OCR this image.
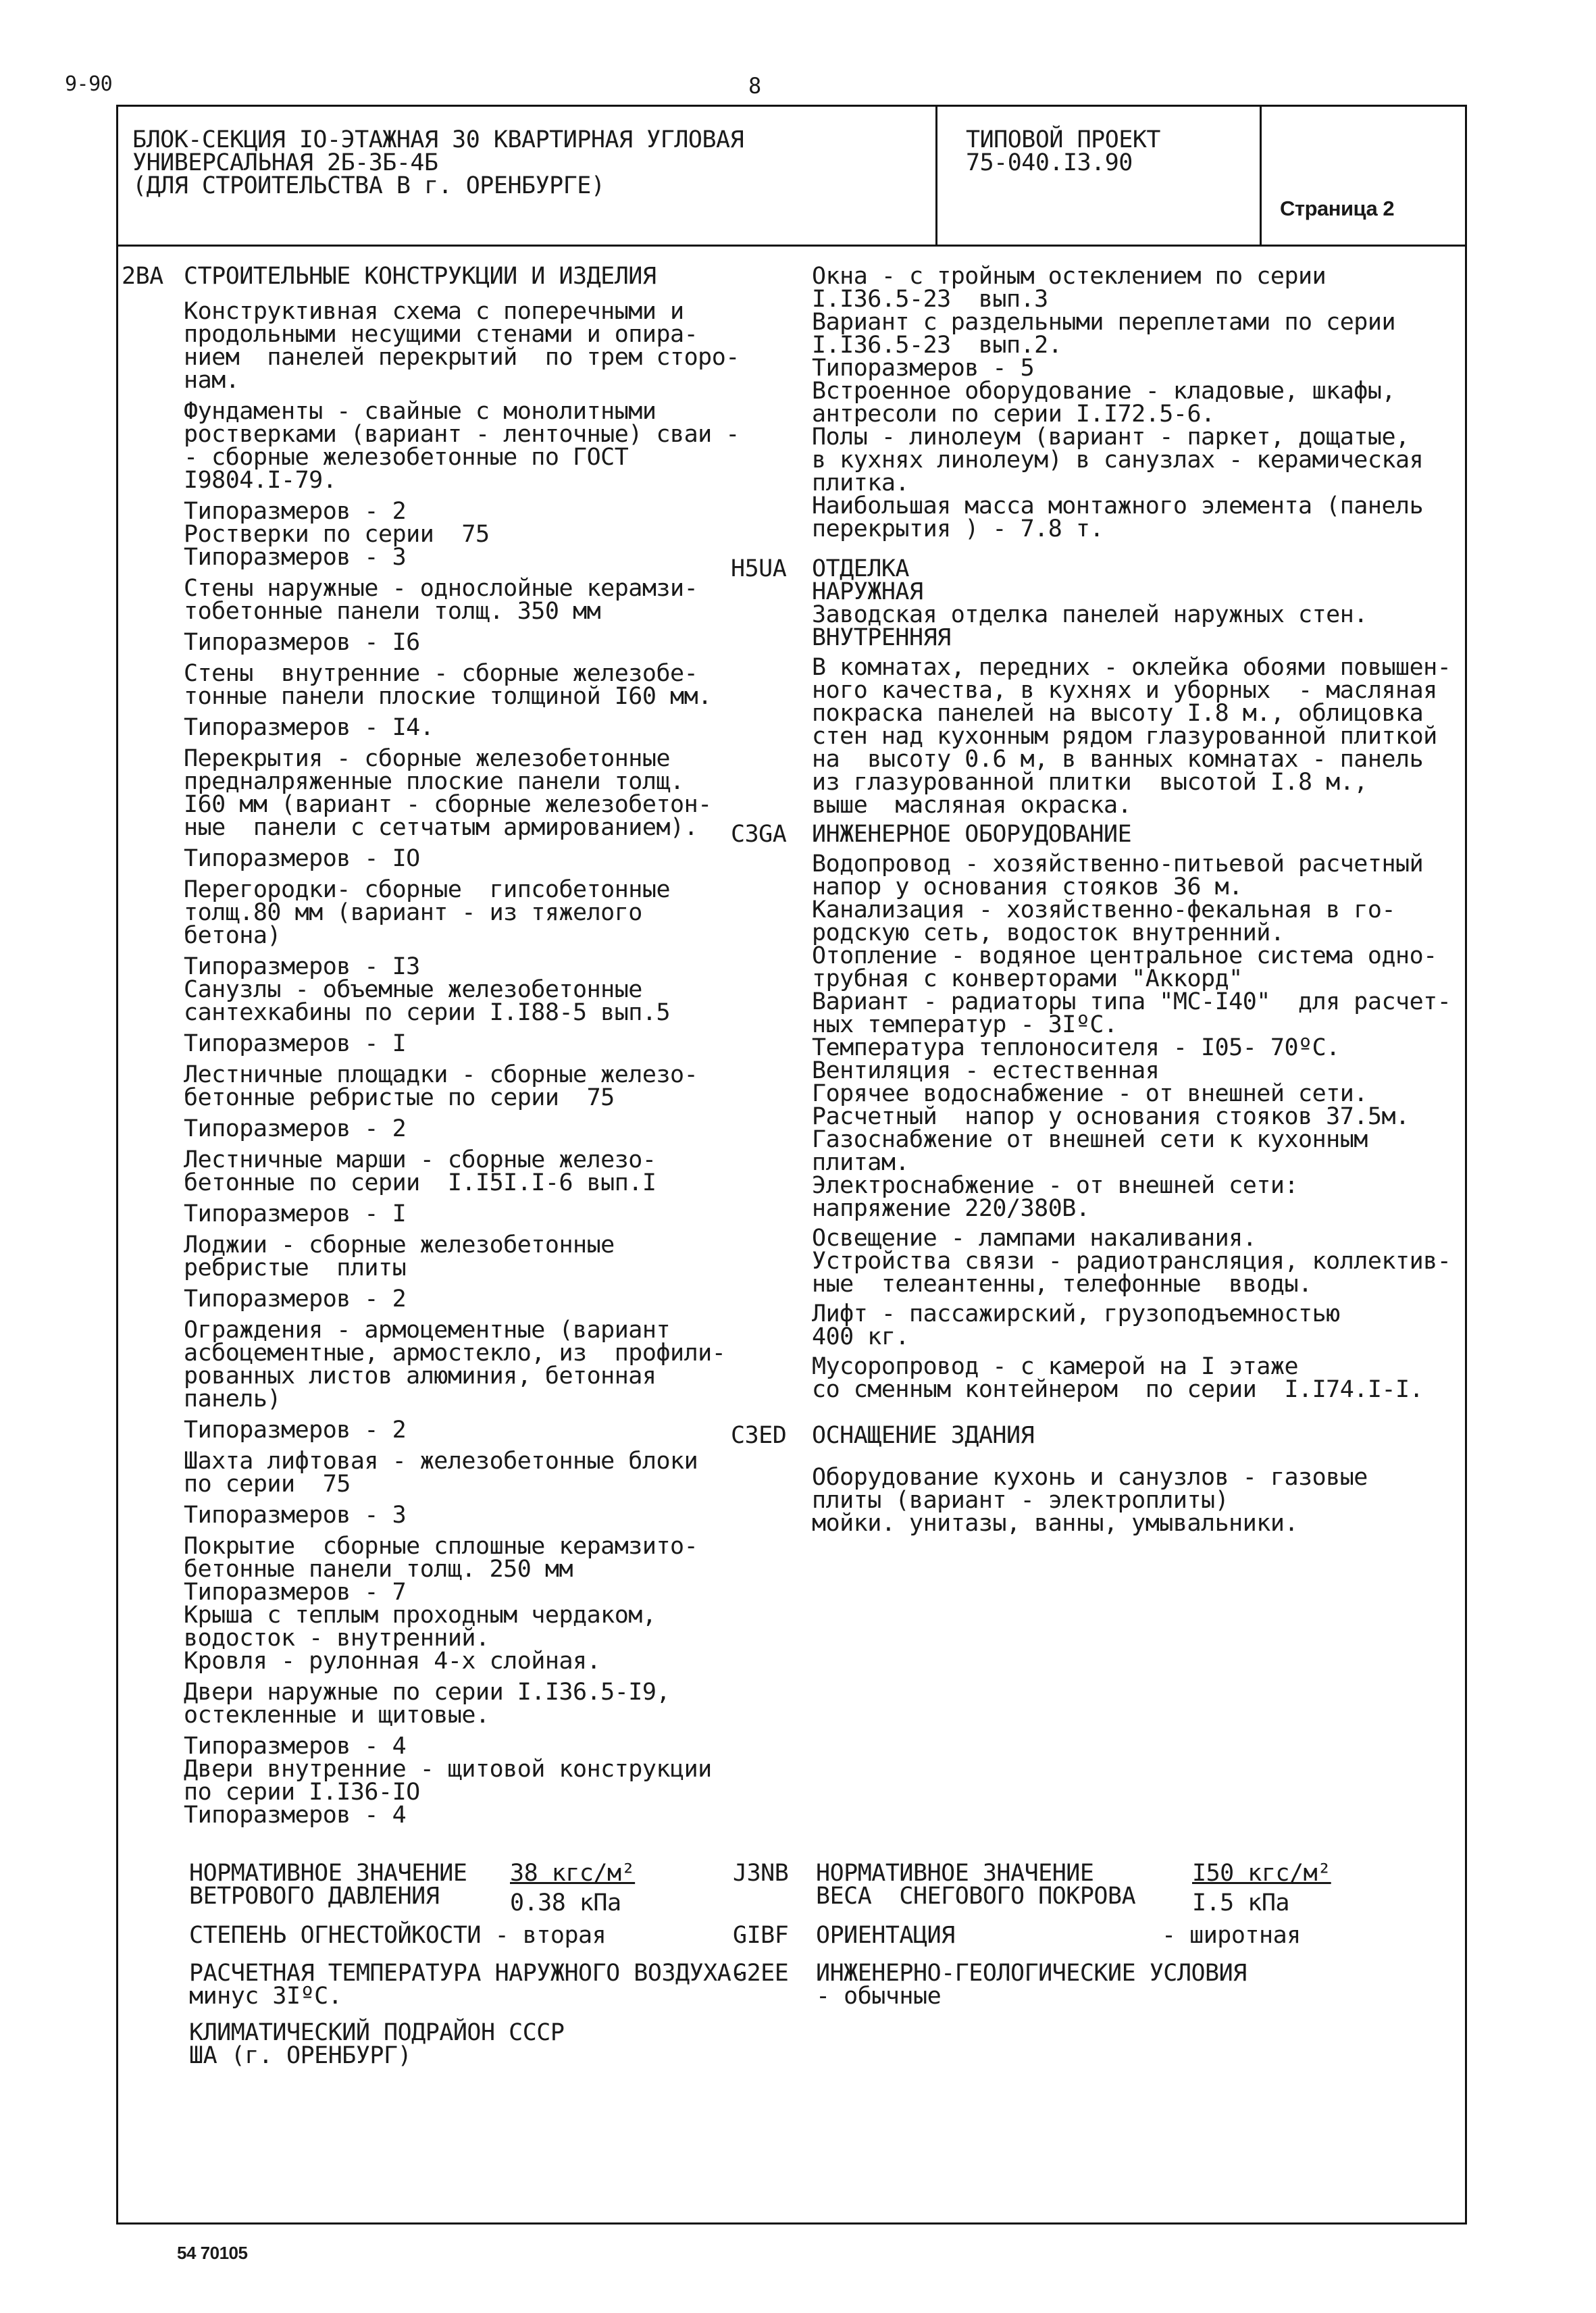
9-90	8
БЛОК-СЕКЦИЯ IO-ЭТАЖНАЯ 30 КВАРТИРНАЯ УГЛОВАЯ
УНИВЕРСАЛЬНАЯ 2Б-3Б-4Б
(ДЛЯ СТРОИТЕЛЬСТВА В г. ОРЕНБУРГЕ)
ТИПОВОЙ ПРОЕКТ
75-040.I3.90
Страница 2
2ВА СТРОИТЕЛЬНЫЕ КОНСТРУКЦИИ И ИЗДЕЛИЯ
Конструктивная схема с поперечными и
продольными несущими стенами и опира-
нием  панелей перекрытий  по трем сторо-
нам.
Фундаменты - свайные с монолитными
ростверками (вариант - ленточные) сваи -
- сборные железобетонные по ГОСТ
I9804.I-79.
Типоразмеров - 2
Ростверки по серии  75
Типоразмеров - 3
Стены наружные - однослойные керамзи-
тобетонные панели толщ. 350 мм
Типоразмеров - I6
Стены  внутренние - сборные железобе-
тонные панели плоские толщиной I60 мм.
Типоразмеров - I4.
Перекрытия - сборные железобетонные
предналряженные плоские панели толщ.
I60 мм (вариант - сборные железобетон-
ные  панели с сетчатым армированием).
Типоразмеров - IO
Перегородки- сборные  гипсобетонные
толщ.80 мм (вариант - из тяжелого
бетона)
Типоразмеров - I3
Санузлы - объемные железобетонные
сантехкабины по серии I.I88-5 вып.5
Типоразмеров - I
Лестничные площадки - сборные железо-
бетонные ребристые по серии  75
Типоразмеров - 2
Лестничные марши - сборные железо-
бетонные по серии  I.I5I.I-6 вып.I
Типоразмеров - I
Лоджии - сборные железобетонные
ребристые  плиты
Типоразмеров - 2
Ограждения - армоцементные (вариант
асбоцементные, армостекло, из  профили-
рованных листов алюминия, бетонная
панель)
Типоразмеров - 2
Шахта лифтовая - железобетонные блоки
по серии  75
Типоразмеров - 3
Покрытие  сборные сплошные керамзито-
бетонные панели толщ. 250 мм
Типоразмеров - 7
Крыша с теплым проходным чердаком,
водосток - внутренний.
Кровля - рулонная 4-х слойная.
Двери наружные по серии I.I36.5-I9,
остекленные и щитовые.
Типоразмеров - 4
Двери внутренние - щитовой конструкции
по серии I.I36-IO
Типоразмеров - 4
Окна - с тройным остеклением по серии
I.I36.5-23  вып.3
Вариант с раздельными переплетами по серии
I.I36.5-23  вып.2.
Типоразмеров - 5
Встроенное оборудование - кладовые, шкафы,
антресоли по серии I.I72.5-6.
Полы - линолеум (вариант - паркет, дощатые,
в кухнях линолеум) в санузлах - керамическая
плитка.
Наибольшая масса монтажного элемента (панель
перекрытия ) - 7.8 т.
Н5UА ОТДЕЛКА
НАРУЖНАЯ
Заводская отделка панелей наружных стен.
ВНУТРЕННЯЯ
В комнатах, передних - оклейка обоями повышен-
ного качества, в кухнях и уборных  - масляная
покраска панелей на высоту I.8 м., облицовка
стен над кухонным рядом глазурованной плиткой
на  высоту 0.6 м, в ванных комнатах - панель
из глазурованной плитки  высотой I.8 м.,
выше  масляная окраска.
С3GА ИНЖЕНЕРНОЕ ОБОРУДОВАНИЕ
Водопровод - хозяйственно-питьевой расчетный
напор у основания стояков 36 м.
Канализация - хозяйственно-фекальная в го-
родскую сеть, водосток внутренний.
Отопление - водяное центральное система одно-
трубная с конверторами "Аккорд"
Вариант - радиаторы типа "МС-I40"  для расчет-
ных температур - 3IºС.
Температура теплоносителя - I05- 70ºС.
Вентиляция - естественная
Горячее водоснабжение - от внешней сети.
Расчетный  напор у основания стояков 37.5м.
Газоснабжение от внешней сети к кухонным
плитам.
Электроснабжение - от внешней сети:
напряжение 220/380В.
Освещение - лампами накаливания.
Устройства связи - радиотрансляция, коллектив-
ные  телеантенны, телефонные  вводы.
Лифт - пассажирский, грузоподъемностью
400 кг.
Мусоропровод - с камерой на I этаже
со сменным контейнером  по серии  I.I74.I-I.
С3ЕD ОСНАЩЕНИЕ ЗДАНИЯ
Оборудование кухонь и санузлов - газовые
плиты (вариант - электроплиты)
мойки. унитазы, ванны, умывальники.
НОРМАТИВНОЕ ЗНАЧЕНИЕ
ВЕТРОВОГО ДАВЛЕНИЯ
38 кгс/м²
0.38 кПа
J3NВ НОРМАТИВНОЕ ЗНАЧЕНИЕ
ВЕСА  СНЕГОВОГО ПОКРОВА
I50 кгс/м²
I.5 кПа
СТЕПЕНЬ ОГНЕСТОЙКОСТИ - вторая	GIВF ОРИЕНТАЦИЯ	- широтная
РАСЧЕТНАЯ ТЕМПЕРАТУРА НАРУЖНОГО ВОЗДУХА-
G2ЕЕ
минус 3IºС.
ИНЖЕНЕРНО-ГЕОЛОГИЧЕСКИЕ УСЛОВИЯ
- обычные
КЛИМАТИЧЕСКИЙ ПОДРАЙОН СССР
ШA (г. ОРЕНБУРГ)
54 70105
